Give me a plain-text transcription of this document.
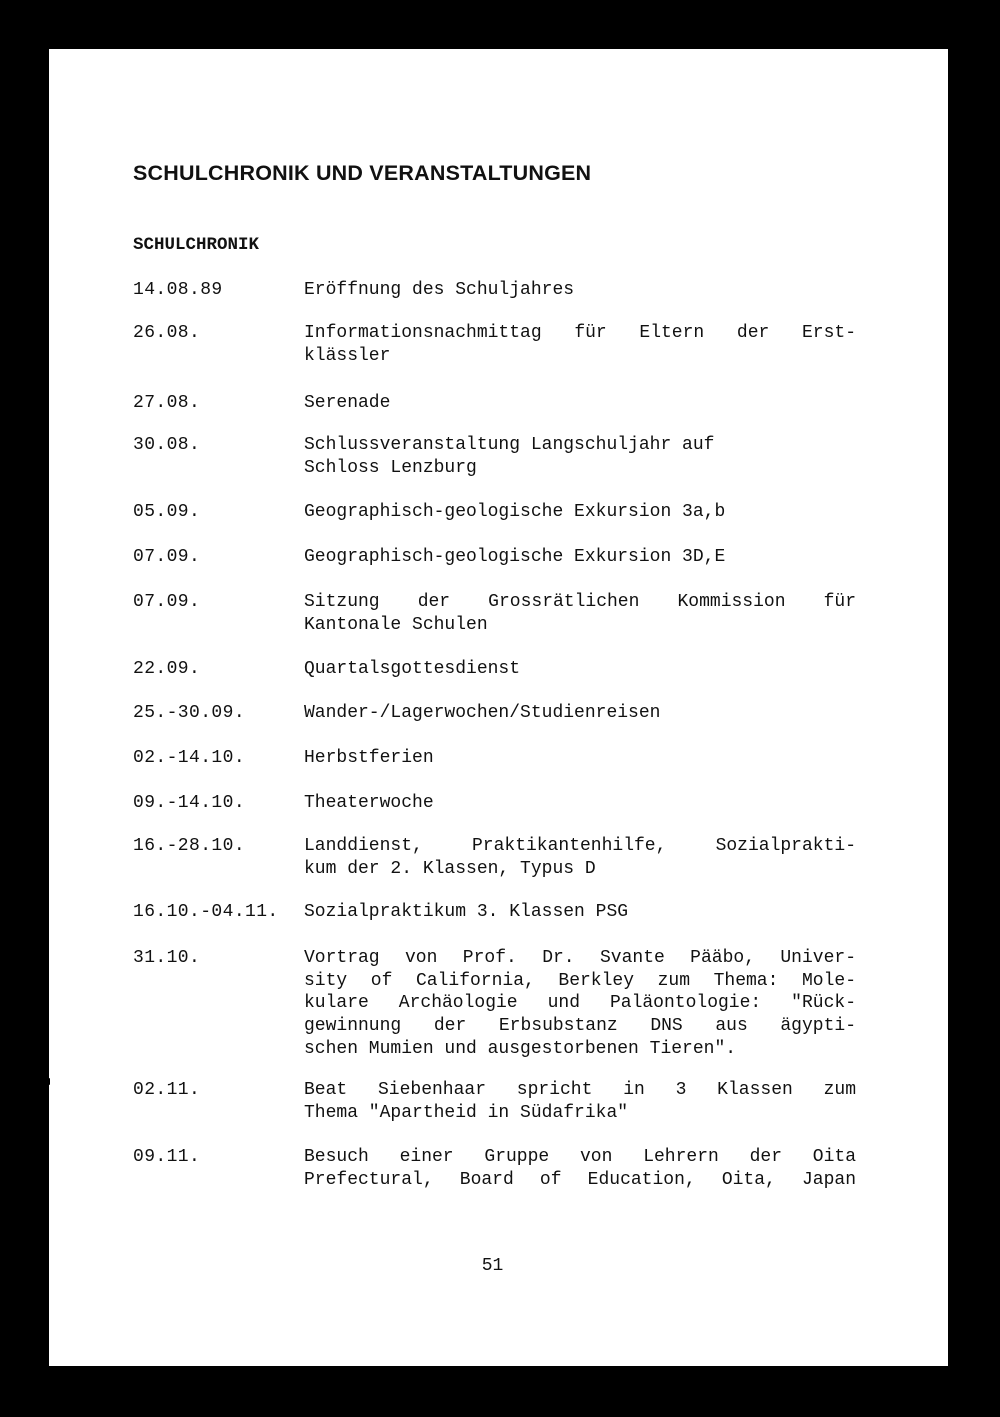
SCHULCHRONIK UND VERANSTALTUNGEN
SCHULCHRONIK
14.08.89	Eröffnung des Schuljahres
26.08.	Informationsnachmittag für Eltern der Erst-
klässler
27.08.	Serenade
30.08.	Schlussveranstaltung Langschuljahr auf
Schloss Lenzburg
05.09.	Geographisch-geologische Exkursion 3a,b
07.09.	Geographisch-geologische Exkursion 3D,E
07.09.	Sitzung der Grossrätlichen Kommission für
Kantonale Schulen
22.09.	Quartalsgottesdienst
25.-30.09.	Wander-/Lagerwochen/Studienreisen
02.-14.10.	Herbstferien
09.-14.10.	Theaterwoche
16.-28.10.	Landdienst, Praktikantenhilfe, Sozialprakti-
kum der 2. Klassen, Typus D
16.10.-04.11. Sozialpraktikum 3. Klassen PSG
31.10.	Vortrag von Prof. Dr. Svante Pääbo, Univer-
sity of California, Berkley zum Thema: Mole-
kulare Archäologie und Paläontologie: "Rück-
gewinnung der Erbsubstanz DNS aus ägypti-
schen Mumien und ausgestorbenen Tieren".
02.11.	Beat Siebenhaar spricht in 3 Klassen zum
Thema "Apartheid in Südafrika"
09.11.	Besuch einer Gruppe von Lehrern der Oita
Prefectural, Board of Education, Oita, Japan
51
